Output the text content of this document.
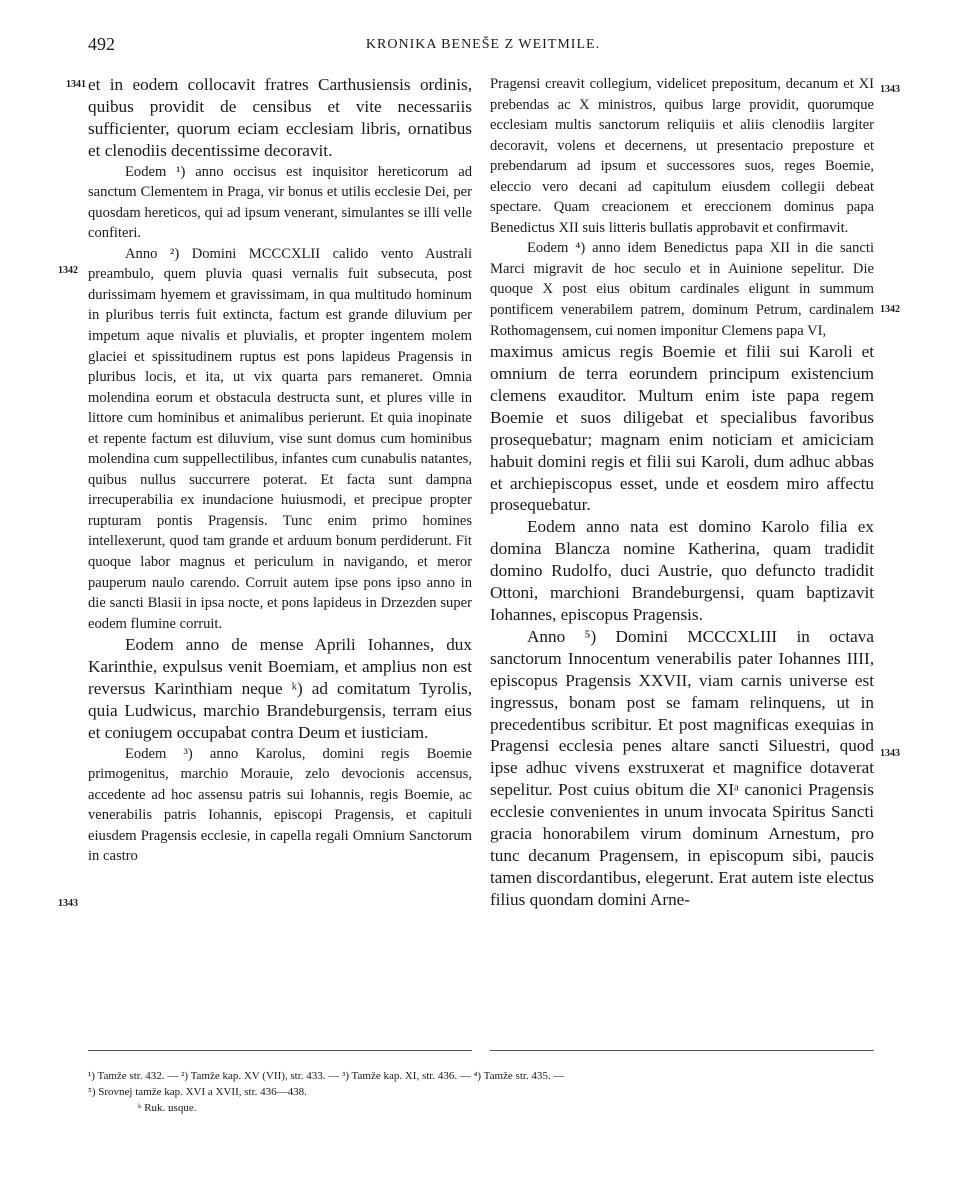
492	KRONIKA BENEŠE Z WEITMILE.
1341
1342
1343
1343
1342
1343

et in eodem collocavit fratres Carthusiensis ordinis, quibus providit de censibus et vite necessariis sufficienter, quorum eciam ecclesiam libris, ornatibus et clenodiis decentissime decoravit.

Eodem ¹) anno occisus est inquisitor hereticorum ad sanctum Clementem in Praga, vir bonus et utilis ecclesie Dei, per quosdam hereticos, qui ad ipsum venerant, simulantes se illi velle confiteri.

Anno ²) Domini MCCCXLII calido vento Australi preambulo, quem pluvia quasi vernalis fuit subsecuta, post durissimam hyemem et gravissimam, in qua multitudo hominum in pluribus terris fuit extincta, factum est grande diluvium per impetum aque nivalis et pluvialis, et propter ingentem molem glaciei et spissitudinem ruptus est pons lapideus Pragensis in pluribus locis, et ita, ut vix quarta pars remaneret. Omnia molendina eorum et obstacula destructa sunt, et plures ville in littore cum hominibus et animalibus perierunt. Et quia inopinate et repente factum est diluvium, vise sunt domus cum hominibus molendina cum suppellectilibus, infantes cum cunabulis natantes, quibus nullus succurrere poterat. Et facta sunt dampna irrecuperabilia ex inundacione huiusmodi, et precipue propter rupturam pontis Pragensis. Tunc enim primo homines intellexerunt, quod tam grande et arduum bonum perdiderunt. Fit quoque labor magnus et periculum in navigando, et meror pauperum naulo carendo. Corruit autem ipse pons ipso anno in die sancti Blasii in ipsa nocte, et pons lapideus in Drzezden super eodem flumine corruit.

Eodem anno de mense Aprili Iohannes, dux Karinthie, expulsus venit Boemiam, et amplius non est reversus Karinthiam neque ᵏ) ad comitatum Tyrolis, quia Ludwicus, marchio Brandeburgensis, terram eius et coniugem occupabat contra Deum et iusticiam.

Eodem ³) anno Karolus, domini regis Boemie primogenitus, marchio Morauie, zelo devocionis accensus, accedente ad hoc assensu patris sui Iohannis, regis Boemie, ac venerabilis patris Iohannis, episcopi Pragensis, et capituli eiusdem Pragensis ecclesie, in capella regali Omnium Sanctorum in castro

Pragensi creavit collegium, videlicet prepositum, decanum et XI prebendas ac X ministros, quibus large providit, quorumque ecclesiam multis sanctorum reliquiis et aliis clenodiis largiter decoravit, volens et decernens, ut presentacio preposture et prebendarum ad ipsum et successores suos, reges Boemie, eleccio vero decani ad capitulum eiusdem collegii debeat spectare. Quam creacionem et ereccionem dominus papa Benedictus XII suis litteris bullatis approbavit et confirmavit.

Eodem ⁴) anno idem Benedictus papa XII in die sancti Marci migravit de hoc seculo et in Auinione sepelitur. Die quoque X post eius obitum cardinales eligunt in summum pontificem venerabilem patrem, dominum Petrum, cardinalem Rothomagensem, cui nomen imponitur Clemens papa VI,

maximus amicus regis Boemie et filii sui Karoli et omnium de terra eorundem principum existencium clemens exauditor. Multum enim iste papa regem Boemie et suos diligebat et specialibus favoribus prosequebatur; magnam enim noticiam et amiciciam habuit domini regis et filii sui Karoli, dum adhuc abbas et archiepiscopus esset, unde et eosdem miro affectu prosequebatur.

Eodem anno nata est domino Karolo filia ex domina Blancza nomine Katherina, quam tradidit domino Rudolfo, duci Austrie, quo defuncto tradidit Ottoni, marchioni Brandeburgensi, quam baptizavit Iohannes, episcopus Pragensis.

Anno ⁵) Domini MCCCXLIII in octava sanctorum Innocentum venerabilis pater Iohannes IIII, episcopus Pragensis XXVII, viam carnis universe est ingressus, bonam post se famam relinquens, ut in precedentibus scribitur. Et post magnificas exequias in Pragensi ecclesia penes altare sancti Siluestri, quod ipse adhuc vivens exstruxerat et magnifice dotaverat sepelitur. Post cuius obitum die XIᵃ canonici Pragensis ecclesie convenientes in unum invocata Spiritus Sancti gracia honorabilem virum dominum Arnestum, pro tunc decanum Pragensem, in episcopum sibi, paucis tamen discordantibus, elegerunt. Erat autem iste electus filius quondam domini Arne-

¹) Tamže str. 432. — ²) Tamže kap. XV (VII), str. 433. — ³) Tamže kap. XI, str. 436. — ⁴) Tamže str. 435. —
⁵) Srovnej tamže kap. XVI a XVII, str. 436—438.
ᵏ Ruk. usque.
